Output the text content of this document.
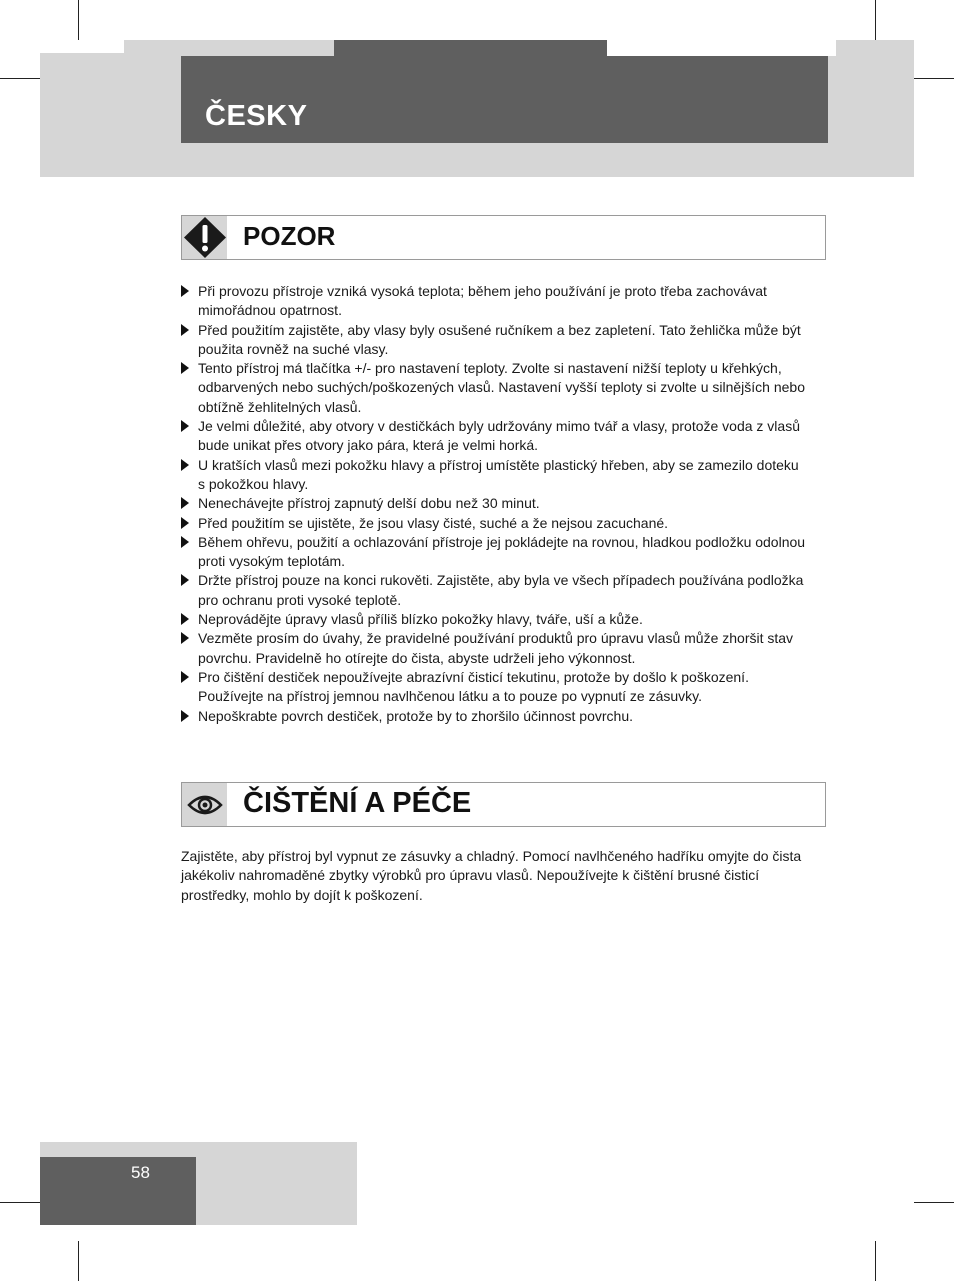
ČESKY
POZOR
Při provozu přístroje vzniká vysoká teplota; během jeho používání je proto třeba zachovávat mimořádnou opatrnost.
Před použitím zajistěte, aby vlasy byly osušené ručníkem a bez zapletení. Tato žehlička může být použita rovněž na suché vlasy.
Tento přístroj má tlačítka +/- pro nastavení teploty. Zvolte si nastavení nižší teploty u křehkých, odbarvených nebo suchých/poškozených vlasů. Nastavení vyšší teploty si zvolte u silnějších nebo obtížně žehlitelných vlasů.
Je velmi důležité, aby otvory v destičkách byly udržovány mimo tvář a vlasy, protože voda z vlasů bude unikat přes otvory jako pára, která je velmi horká.
U kratších vlasů mezi pokožku hlavy a přístroj umístěte plastický hřeben, aby se zamezilo doteku s pokožkou hlavy.
Nenechávejte přístroj zapnutý delší dobu než 30 minut.
Před použitím se ujistěte, že jsou vlasy čisté, suché a že nejsou zacuchané.
Během ohřevu, použití a ochlazování přístroje jej pokládejte na rovnou, hladkou podložku odolnou proti vysokým teplotám.
Držte přístroj pouze na konci rukověti. Zajistěte, aby byla ve všech případech používána podložka pro ochranu proti vysoké teplotě.
Neprovádějte úpravy vlasů příliš blízko pokožky hlavy, tváře, uší a kůže.
Vezměte prosím do úvahy, že pravidelné používání produktů pro úpravu vlasů může zhoršit stav povrchu. Pravidelně ho otírejte do čista, abyste udrželi jeho výkonnost.
Pro čištění destiček nepoužívejte abrazívní čisticí tekutinu, protože by došlo k poškození. Používejte na přístroj jemnou navlhčenou látku a to pouze po vypnutí ze zásuvky.
Nepoškrabte povrch destiček, protože by to zhoršilo účinnost povrchu.
ČIŠTĚNÍ A PÉČE
Zajistěte, aby přístroj byl vypnut ze zásuvky a chladný. Pomocí navlhčeného hadříku omyjte do čista jakékoliv nahromaděné zbytky výrobků pro úpravu vlasů. Nepoužívejte k čištění brusné čisticí prostředky, mohlo by dojít k poškození.
58
